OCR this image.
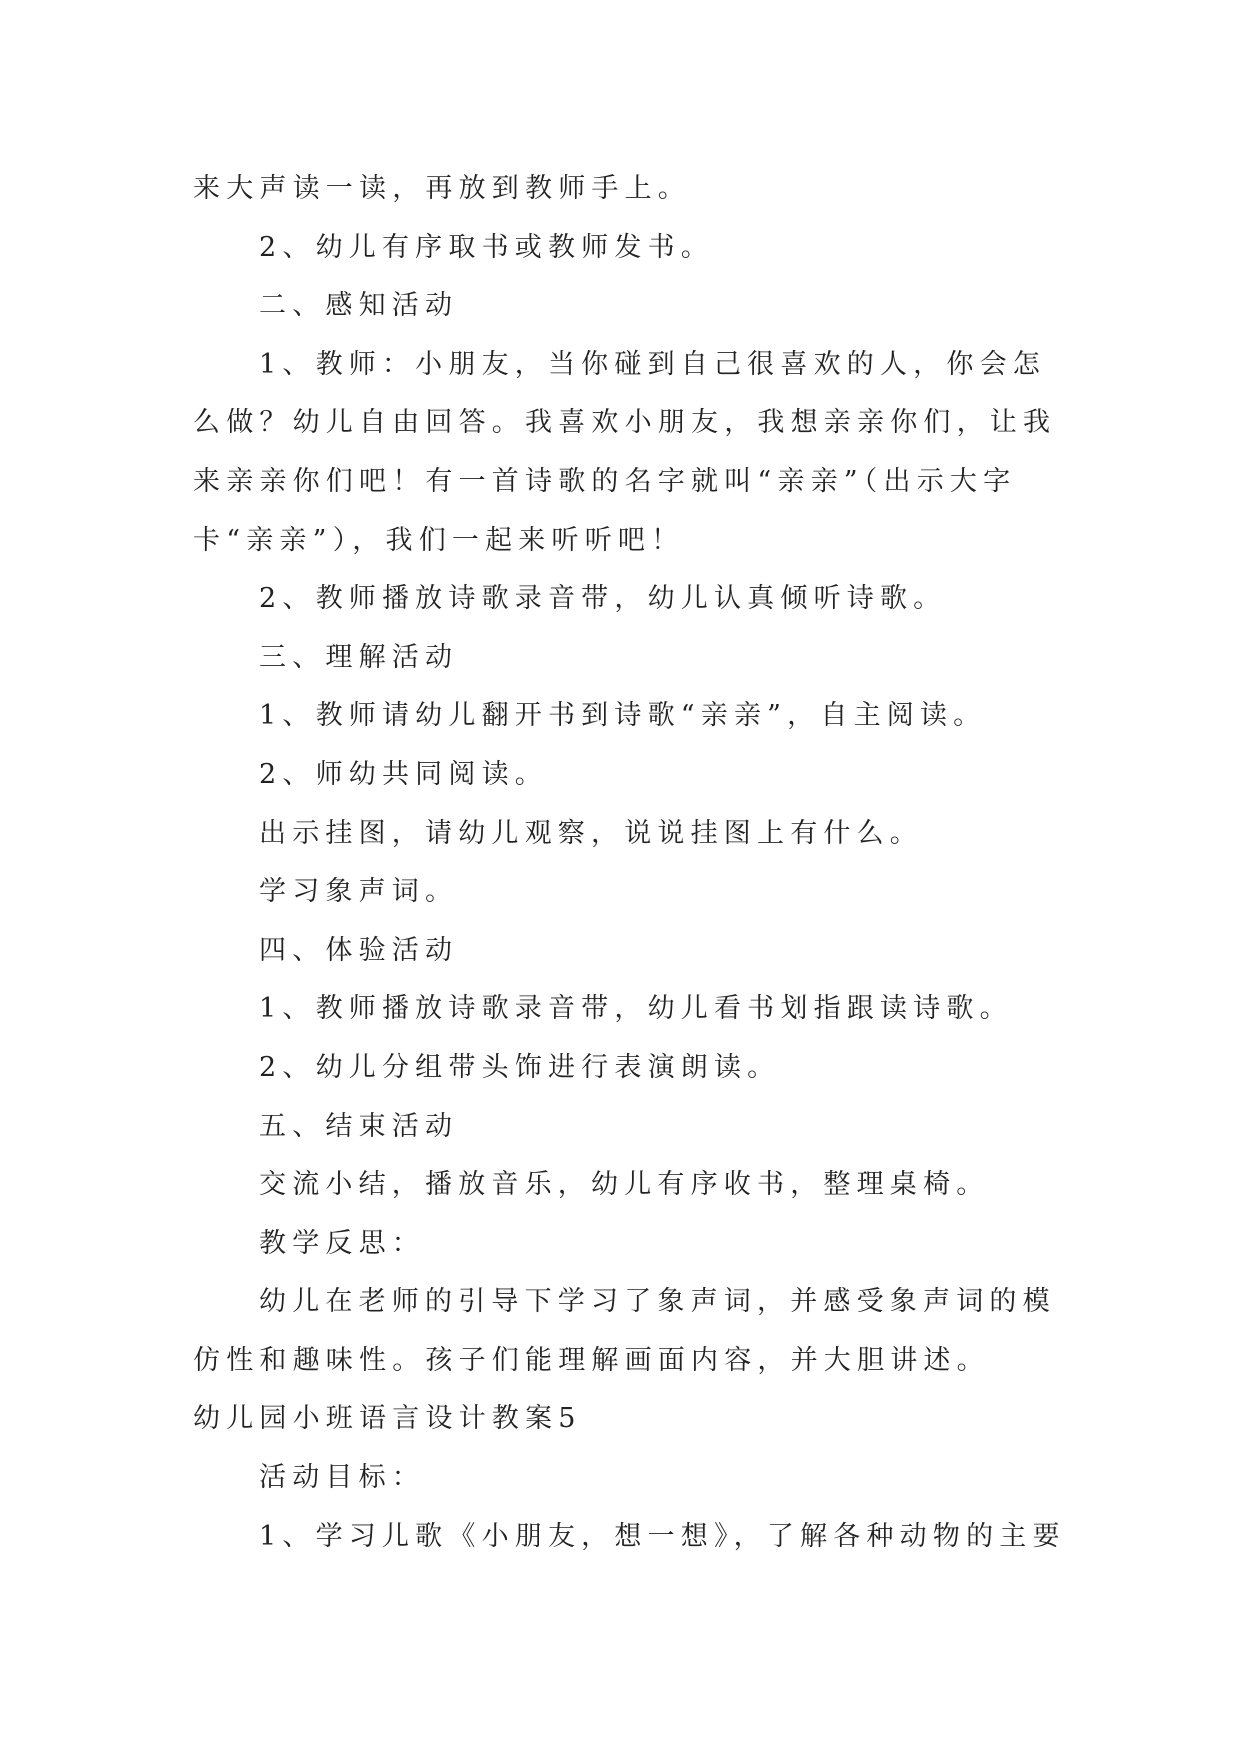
来大声读一读，再放到教师手上。
2、幼儿有序取书或教师发书。
二、感知活动
1、教师：小朋友，当你碰到自己很喜欢的人，你会怎
么做？幼儿自由回答。我喜欢小朋友，我想亲亲你们，让我
来亲亲你们吧！有一首诗歌的名字就叫“亲亲”（出示大字
卡“亲亲”），我们一起来听听吧！
2、教师播放诗歌录音带，幼儿认真倾听诗歌。
三、理解活动
1、教师请幼儿翻开书到诗歌“亲亲”，自主阅读。
2、师幼共同阅读。
出示挂图，请幼儿观察，说说挂图上有什么。
学习象声词。
四、体验活动
1、教师播放诗歌录音带，幼儿看书划指跟读诗歌。
2、幼儿分组带头饰进行表演朗读。
五、结束活动
交流小结，播放音乐，幼儿有序收书，整理桌椅。
教学反思：
幼儿在老师的引导下学习了象声词，并感受象声词的模
仿性和趣味性。孩子们能理解画面内容，并大胆讲述。
幼儿园小班语言设计教案5
活动目标：
1、学习儿歌《小朋友，想一想》，了解各种动物的主要
